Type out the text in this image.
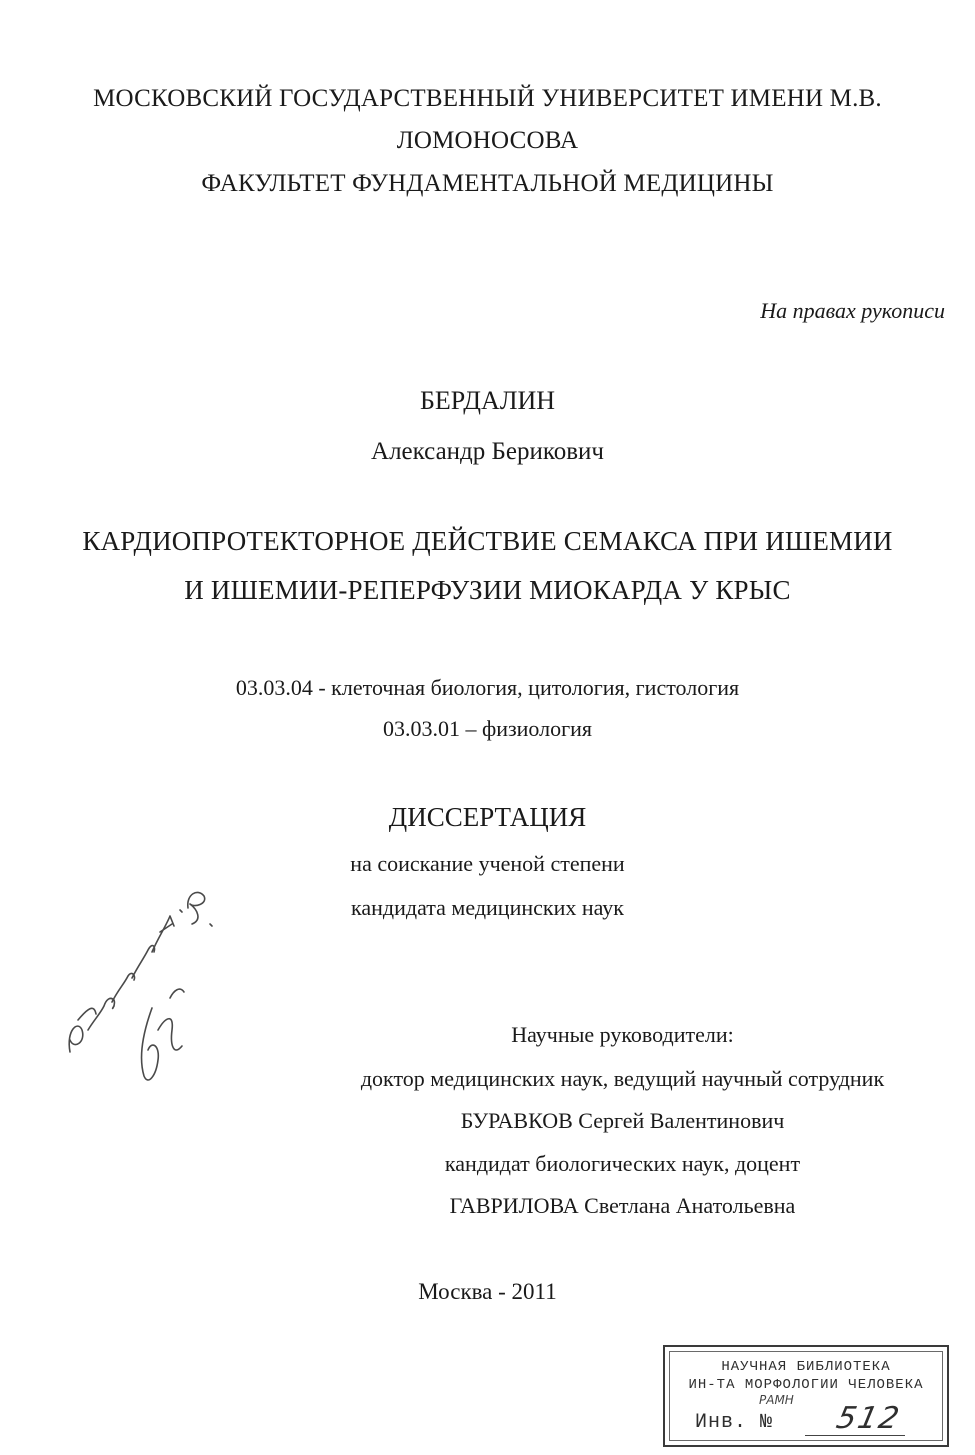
МОСКОВСКИЙ ГОСУДАРСТВЕННЫЙ УНИВЕРСИТЕТ ИМЕНИ М.В.
ЛОМОНОСОВА
ФАКУЛЬТЕТ ФУНДАМЕНТАЛЬНОЙ МЕДИЦИНЫ
На правах рукописи
БЕРДАЛИН
Александр Берикович
КАРДИОПРОТЕКТОРНОЕ ДЕЙСТВИЕ СЕМАКСА ПРИ ИШЕМИИ
И ИШЕМИИ-РЕПЕРФУЗИИ МИОКАРДА У КРЫС
03.03.04 - клеточная биология, цитология, гистология
03.03.01 – физиология
ДИССЕРТАЦИЯ
на соискание ученой степени
кандидата медицинских наук
Научные руководители:
доктор медицинских наук, ведущий научный сотрудник
БУРАВКОВ Сергей Валентинович
кандидат биологических наук, доцент
ГАВРИЛОВА Светлана Анатольевна
Москва - 2011
НАУЧНАЯ БИБЛИОТЕКА
ИН-ТА МОРФОЛОГИИ ЧЕЛОВЕКА
РАМН
Инв. № 512
